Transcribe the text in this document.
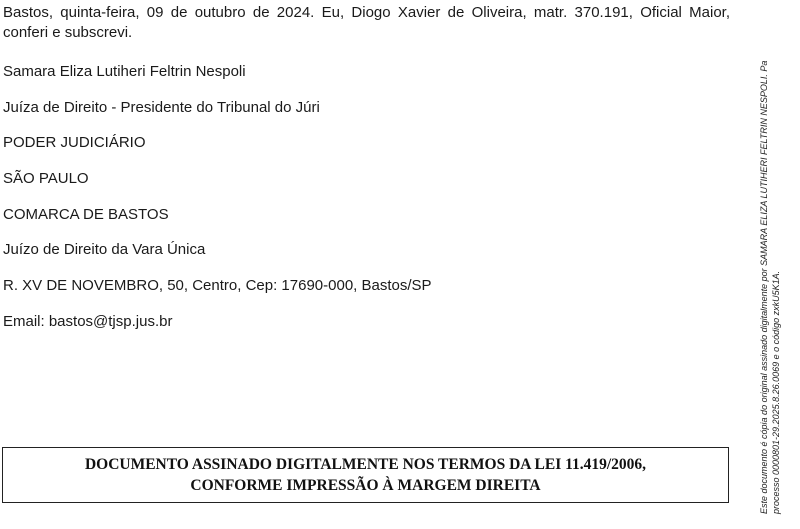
Bastos, quinta-feira, 09 de outubro de 2024. Eu, Diogo Xavier de Oliveira, matr. 370.191, Oficial Maior, conferi e subscrevi.

Samara Eliza Lutiheri Feltrin Nespoli

Juíza de Direito - Presidente do Tribunal do Júri

PODER JUDICIÁRIO

SÃO PAULO

COMARCA DE BASTOS

Juízo de Direito da Vara Única

R. XV DE NOVEMBRO, 50, Centro, Cep: 17690-000, Bastos/SP

Email: bastos@tjsp.jus.br

DOCUMENTO ASSINADO DIGITALMENTE NOS TERMOS DA LEI 11.419/2006,
CONFORME IMPRESSÃO À MARGEM DIREITA	Este documento é cópia do original assinado digitalmente por SAMARA ELIZA LUTIHERI FELTRIN NESPOLI. Pa processo 0000801-29.2025.8.26.0069 e o código zxkU5K1A.
